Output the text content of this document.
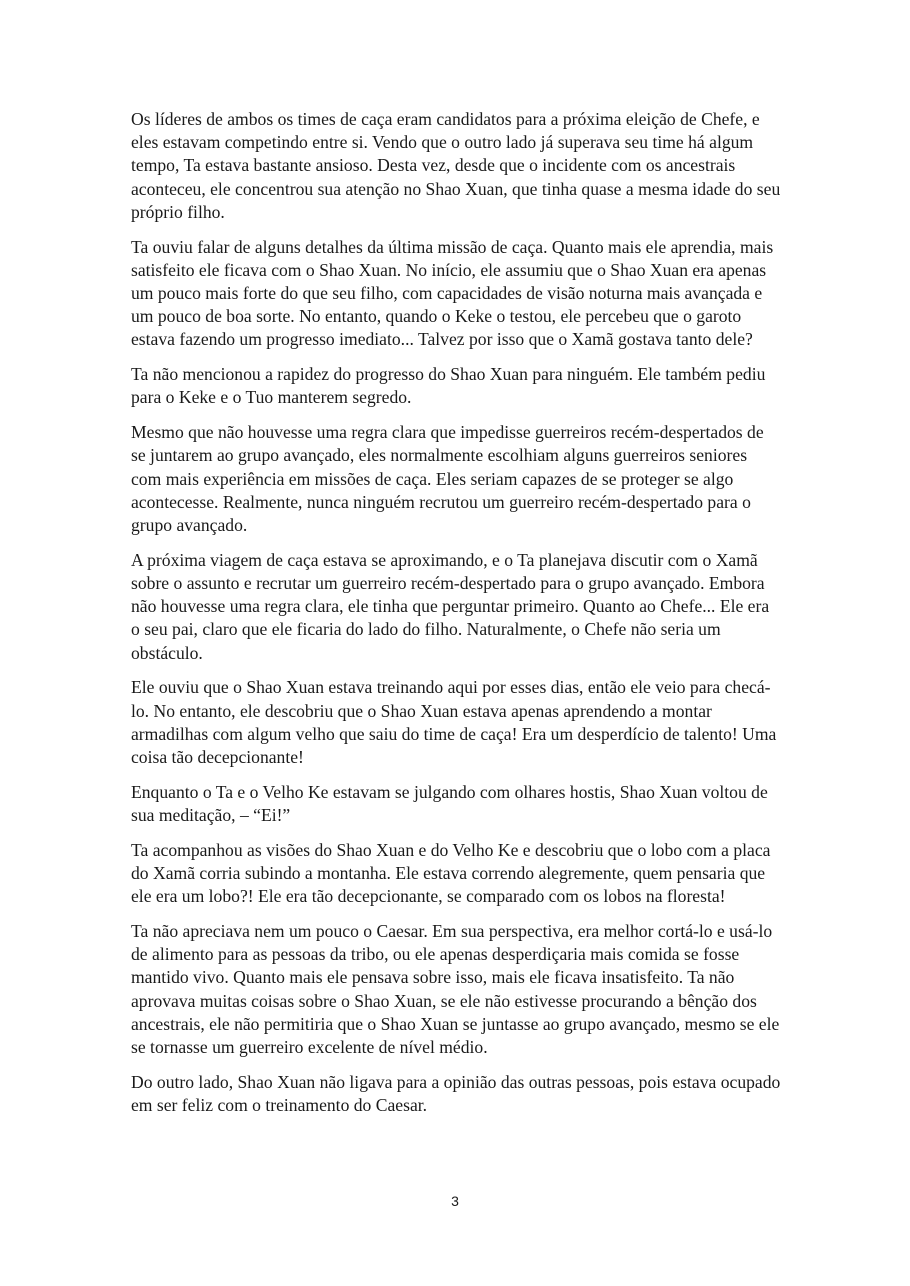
Os líderes de ambos os times de caça eram candidatos para a próxima eleição de Chefe, e eles estavam competindo entre si. Vendo que o outro lado já superava seu time há algum tempo, Ta estava bastante ansioso. Desta vez, desde que o incidente com os ancestrais aconteceu, ele concentrou sua atenção no Shao Xuan, que tinha quase a mesma idade do seu próprio filho.

Ta ouviu falar de alguns detalhes da última missão de caça. Quanto mais ele aprendia, mais satisfeito ele ficava com o Shao Xuan. No início, ele assumiu que o Shao Xuan era apenas um pouco mais forte do que seu filho, com capacidades de visão noturna mais avançada e um pouco de boa sorte. No entanto, quando o Keke o testou, ele percebeu que o garoto estava fazendo um progresso imediato... Talvez por isso que o Xamã gostava tanto dele?

Ta não mencionou a rapidez do progresso do Shao Xuan para ninguém. Ele também pediu para o Keke e o Tuo manterem segredo.

Mesmo que não houvesse uma regra clara que impedisse guerreiros recém-despertados de se juntarem ao grupo avançado, eles normalmente escolhiam alguns guerreiros seniores com mais experiência em missões de caça. Eles seriam capazes de se proteger se algo acontecesse. Realmente, nunca ninguém recrutou um guerreiro recém-despertado para o grupo avançado.

A próxima viagem de caça estava se aproximando, e o Ta planejava discutir com o Xamã sobre o assunto e recrutar um guerreiro recém-despertado para o grupo avançado. Embora não houvesse uma regra clara, ele tinha que perguntar primeiro. Quanto ao Chefe... Ele era o seu pai, claro que ele ficaria do lado do filho. Naturalmente, o Chefe não seria um obstáculo.

Ele ouviu que o Shao Xuan estava treinando aqui por esses dias, então ele veio para checá-lo. No entanto, ele descobriu que o Shao Xuan estava apenas aprendendo a montar armadilhas com algum velho que saiu do time de caça! Era um desperdício de talento! Uma coisa tão decepcionante!

Enquanto o Ta e o Velho Ke estavam se julgando com olhares hostis, Shao Xuan voltou de sua meditação, – “Ei!”

Ta acompanhou as visões do Shao Xuan e do Velho Ke e descobriu que o lobo com a placa do Xamã corria subindo a montanha. Ele estava correndo alegremente, quem pensaria que ele era um lobo?! Ele era tão decepcionante, se comparado com os lobos na floresta!

Ta não apreciava nem um pouco o Caesar. Em sua perspectiva, era melhor cortá-lo e usá-lo de alimento para as pessoas da tribo, ou ele apenas desperdiçaria mais comida se fosse mantido vivo. Quanto mais ele pensava sobre isso, mais ele ficava insatisfeito. Ta não aprovava muitas coisas sobre o Shao Xuan, se ele não estivesse procurando a bênção dos ancestrais, ele não permitiria que o Shao Xuan se juntasse ao grupo avançado, mesmo se ele se tornasse um guerreiro excelente de nível médio.

Do outro lado, Shao Xuan não ligava para a opinião das outras pessoas, pois estava ocupado em ser feliz com o treinamento do Caesar.

3
